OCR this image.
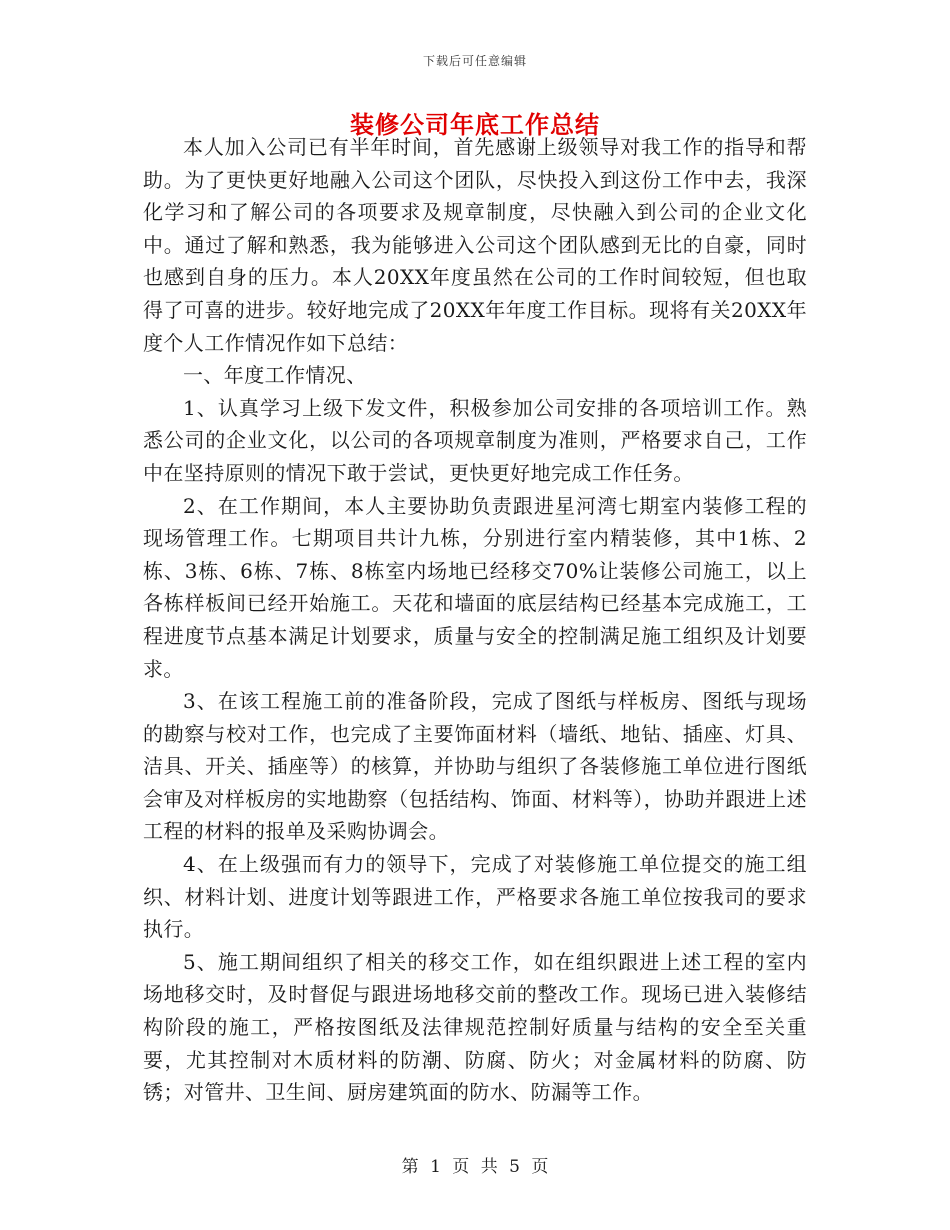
下载后可任意编辑
装修公司年底工作总结

本人加入公司已有半年时间，首先感谢上级领导对我工作的指导和帮助。为了更快更好地融入公司这个团队，尽快投入到这份工作中去，我深化学习和了解公司的各项要求及规章制度，尽快融入到公司的企业文化中。通过了解和熟悉，我为能够进入公司这个团队感到无比的自豪，同时也感到自身的压力。本人20XX年度虽然在公司的工作时间较短，但也取得了可喜的进步。较好地完成了20XX年年度工作目标。现将有关20XX年度个人工作情况作如下总结：

一、年度工作情况、

1、认真学习上级下发文件，积极参加公司安排的各项培训工作。熟悉公司的企业文化，以公司的各项规章制度为准则，严格要求自己，工作中在坚持原则的情况下敢于尝试，更快更好地完成工作任务。

2、在工作期间，本人主要协助负责跟进星河湾七期室内装修工程的现场管理工作。七期项目共计九栋，分别进行室内精装修，其中1栋、2栋、3栋、6栋、7栋、8栋室内场地已经移交70%让装修公司施工，以上各栋样板间已经开始施工。天花和墙面的底层结构已经基本完成施工，工程进度节点基本满足计划要求，质量与安全的控制满足施工组织及计划要求。

3、在该工程施工前的准备阶段，完成了图纸与样板房、图纸与现场的勘察与校对工作，也完成了主要饰面材料（墙纸、地钻、插座、灯具、洁具、开关、插座等）的核算，并协助与组织了各装修施工单位进行图纸会审及对样板房的实地勘察（包括结构、饰面、材料等），协助并跟进上述工程的材料的报单及采购协调会。

4、在上级强而有力的领导下，完成了对装修施工单位提交的施工组织、材料计划、进度计划等跟进工作，严格要求各施工单位按我司的要求执行。

5、施工期间组织了相关的移交工作，如在组织跟进上述工程的室内场地移交时，及时督促与跟进场地移交前的整改工作。现场已进入装修结构阶段的施工，严格按图纸及法律规范控制好质量与结构的安全至关重要，尤其控制对木质材料的防潮、防腐、防火；对金属材料的防腐、防锈；对管井、卫生间、厨房建筑面的防水、防漏等工作。

第 1 页 共 5 页
